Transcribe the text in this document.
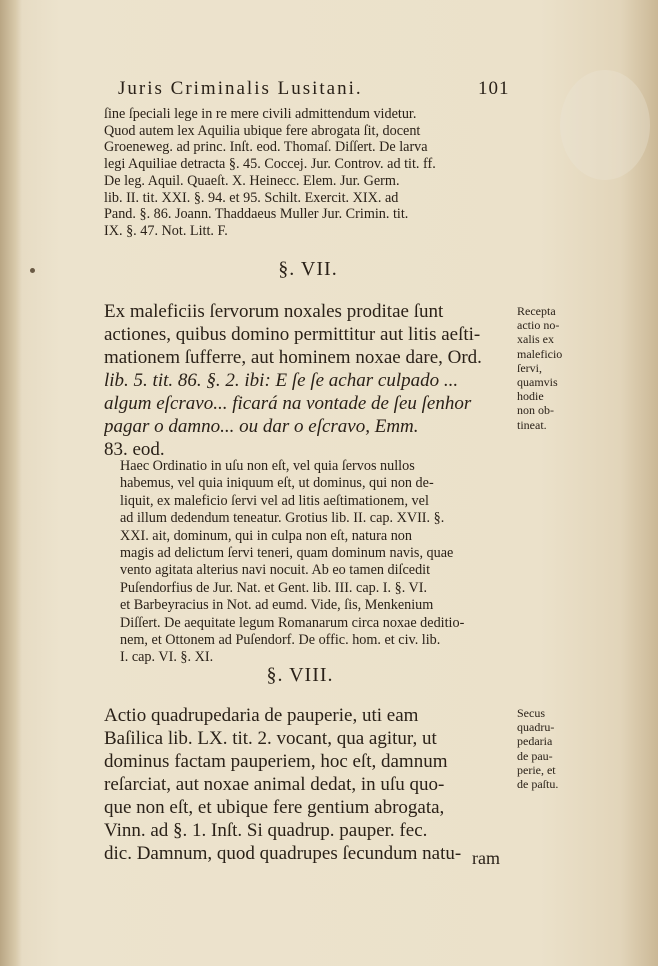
Juris Criminalis Lusitani.	101
ſine ſpeciali lege in re mere civili admittendum videtur.
Quod autem lex Aquilia ubique fere abrogata ſit, docent
Groeneweg. ad princ. Inſt. eod. Thomaſ. Diſſert. De larva
legi Aquiliae detracta §. 45. Coccej. Jur. Controv. ad tit. ff.
De leg. Aquil. Quaeſt. X. Heinecc. Elem. Jur. Germ.
lib. II. tit. XXI. §. 94. et 95. Schilt. Exercit. XIX. ad
Pand. §. 86. Joann. Thaddaeus Muller Jur. Crimin. tit.
IX. §. 47. Not. Litt. F.
§. VII.
Ex maleficiis ſervorum noxales proditae ſunt
actiones, quibus domino permittitur aut litis aeſti-
mationem ſufferre, aut hominem noxae dare, Ord.
lib. 5. tit. 86. §. 2. ibi: E ſe ſe achar culpado ...
algum eſcravo... ficará na vontade de ſeu ſenhor
pagar o damno... ou dar o eſcravo, Emm.
83. eod.
Recepta
actio no-
xalis ex
maleficio
ſervi,
quamvis
hodie
non ob-
tineat.
Haec Ordinatio in uſu non eſt, vel quia ſervos nullos
habemus, vel quia iniquum eſt, ut dominus, qui non de-
liquit, ex maleficio ſervi vel ad litis aeſtimationem, vel
ad illum dedendum teneatur. Grotius lib. II. cap. XVII. §.
XXI. ait, dominum, qui in culpa non eſt, natura non
magis ad delictum ſervi teneri, quam dominum navis, quae
vento agitata alterius navi nocuit. Ab eo tamen diſcedit
Puſendorfius de Jur. Nat. et Gent. lib. III. cap. I. §. VI.
et Barbeyracius in Not. ad eumd. Vide, ſis, Menkenium
Diſſert. De aequitate legum Romanarum circa noxae deditio-
nem, et Ottonem ad Puſendorf. De offic. hom. et civ. lib.
I. cap. VI. §. XI.
§. VIII.
Actio quadrupedaria de pauperie, uti eam
Baſilica lib. LX. tit. 2. vocant, qua agitur, ut
dominus factam pauperiem, hoc eſt, damnum
reſarciat, aut noxae animal dedat, in uſu quo-
que non eſt, et ubique fere gentium abrogata,
Vinn. ad §. 1. Inſt. Si quadrup. pauper. fec.
dic. Damnum, quod quadrupes ſecundum natu-
Secus
quadru-
pedaria
de pau-
perie, et
de paſtu.
ram
